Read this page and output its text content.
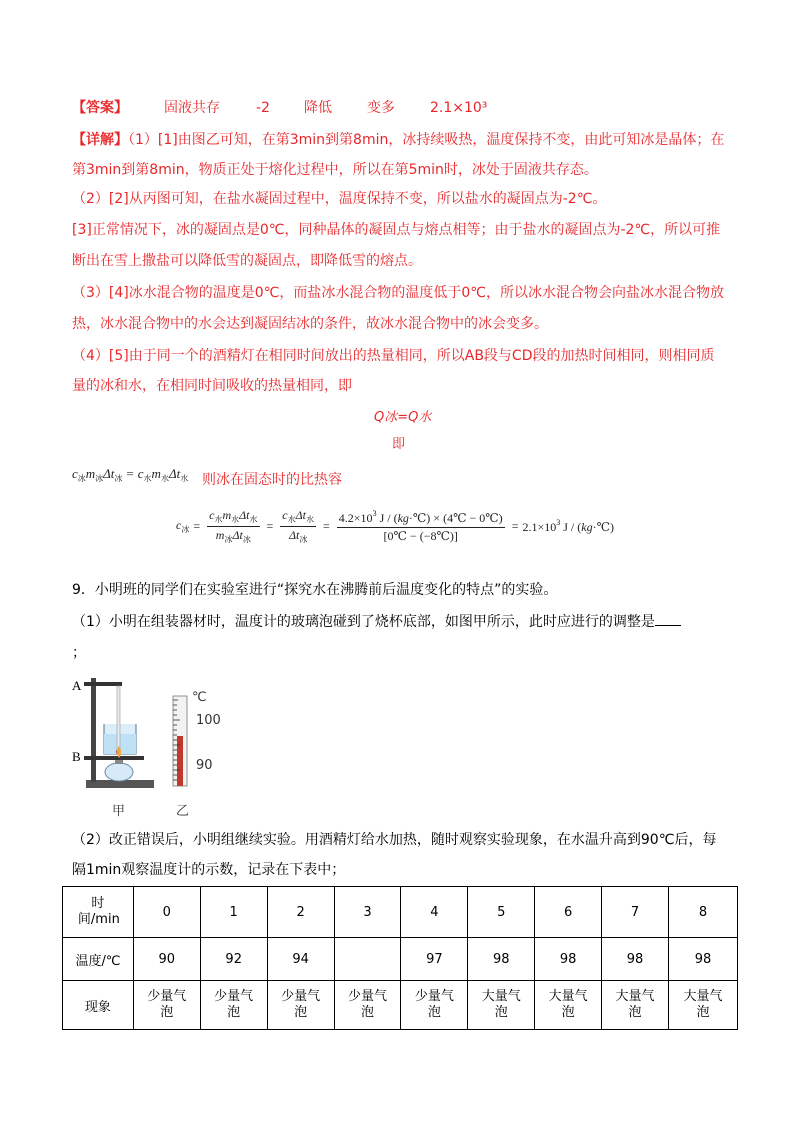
【答案】	固液共存	-2 降低	变多	2.1×10³
【详解】（1）[1]由图乙可知，在第3min到第8min，冰持续吸热，温度保持不变，由此可知冰是晶体；在
第3min到第8min，物质正处于熔化过程中，所以在第5min时，冰处于固液共存态。
（2）[2]从丙图可知，在盐水凝固过程中，温度保持不变，所以盐水的凝固点为-2℃。
[3]正常情况下，冰的凝固点是0℃，同种晶体的凝固点与熔点相等；由于盐水的凝固点为-2℃，所以可推
断出在雪上撒盐可以降低雪的凝固点，即降低雪的熔点。
（3）[4]冰水混合物的温度是0℃，而盐冰水混合物的温度低于0℃，所以冰水混合物会向盐冰水混合物放
热，冰水混合物中的水会达到凝固结冰的条件，故冰水混合物中的冰会变多。
（4）[5]由于同一个的酒精灯在相同时间放出的热量相同，所以AB段与CD段的加热时间相同，则相同质
量的冰和水，在相同时间吸收的热量相同，即
Q冰=Q水
即
$c_冰m_冰\Delta t_冰 = c_水m_水\Delta t_水$ 则冰在固态时的比热容
$c_冰 = \frac{c_水m_水\Delta t_水}{m_冰\Delta t_冰} = \frac{c_水\Delta t_水}{\Delta t_冰} = \frac{4.2\times 10^3 J / (kg\cdot℃) \times (4℃ - 0℃)}{[0℃ - (-8℃)]} = 2.1\times 10^3$ J / (kg·℃)
9．小明班的同学们在实验室进行“探究水在沸腾前后温度变化的特点”的实验。
（1）小明在组装器材时，温度计的玻璃泡碰到了烧杯底部，如图甲所示，此时应进行的调整是
；
A
B
甲
℃
100
90
乙
（2）改正错误后，小明组继续实验。用酒精灯给水加热，随时观察实验现象，在水温升高到90℃后，每
隔1min观察温度计的示数，记录在下表中；
时间/min	0	1	2	3	4	5	6	7	8
温度/℃	90	92	94		97	98	98	98	98
现象	少量气泡	少量气泡	少量气泡	少量气泡	少量气泡	大量气泡	大量气泡	大量气泡	大量气泡
